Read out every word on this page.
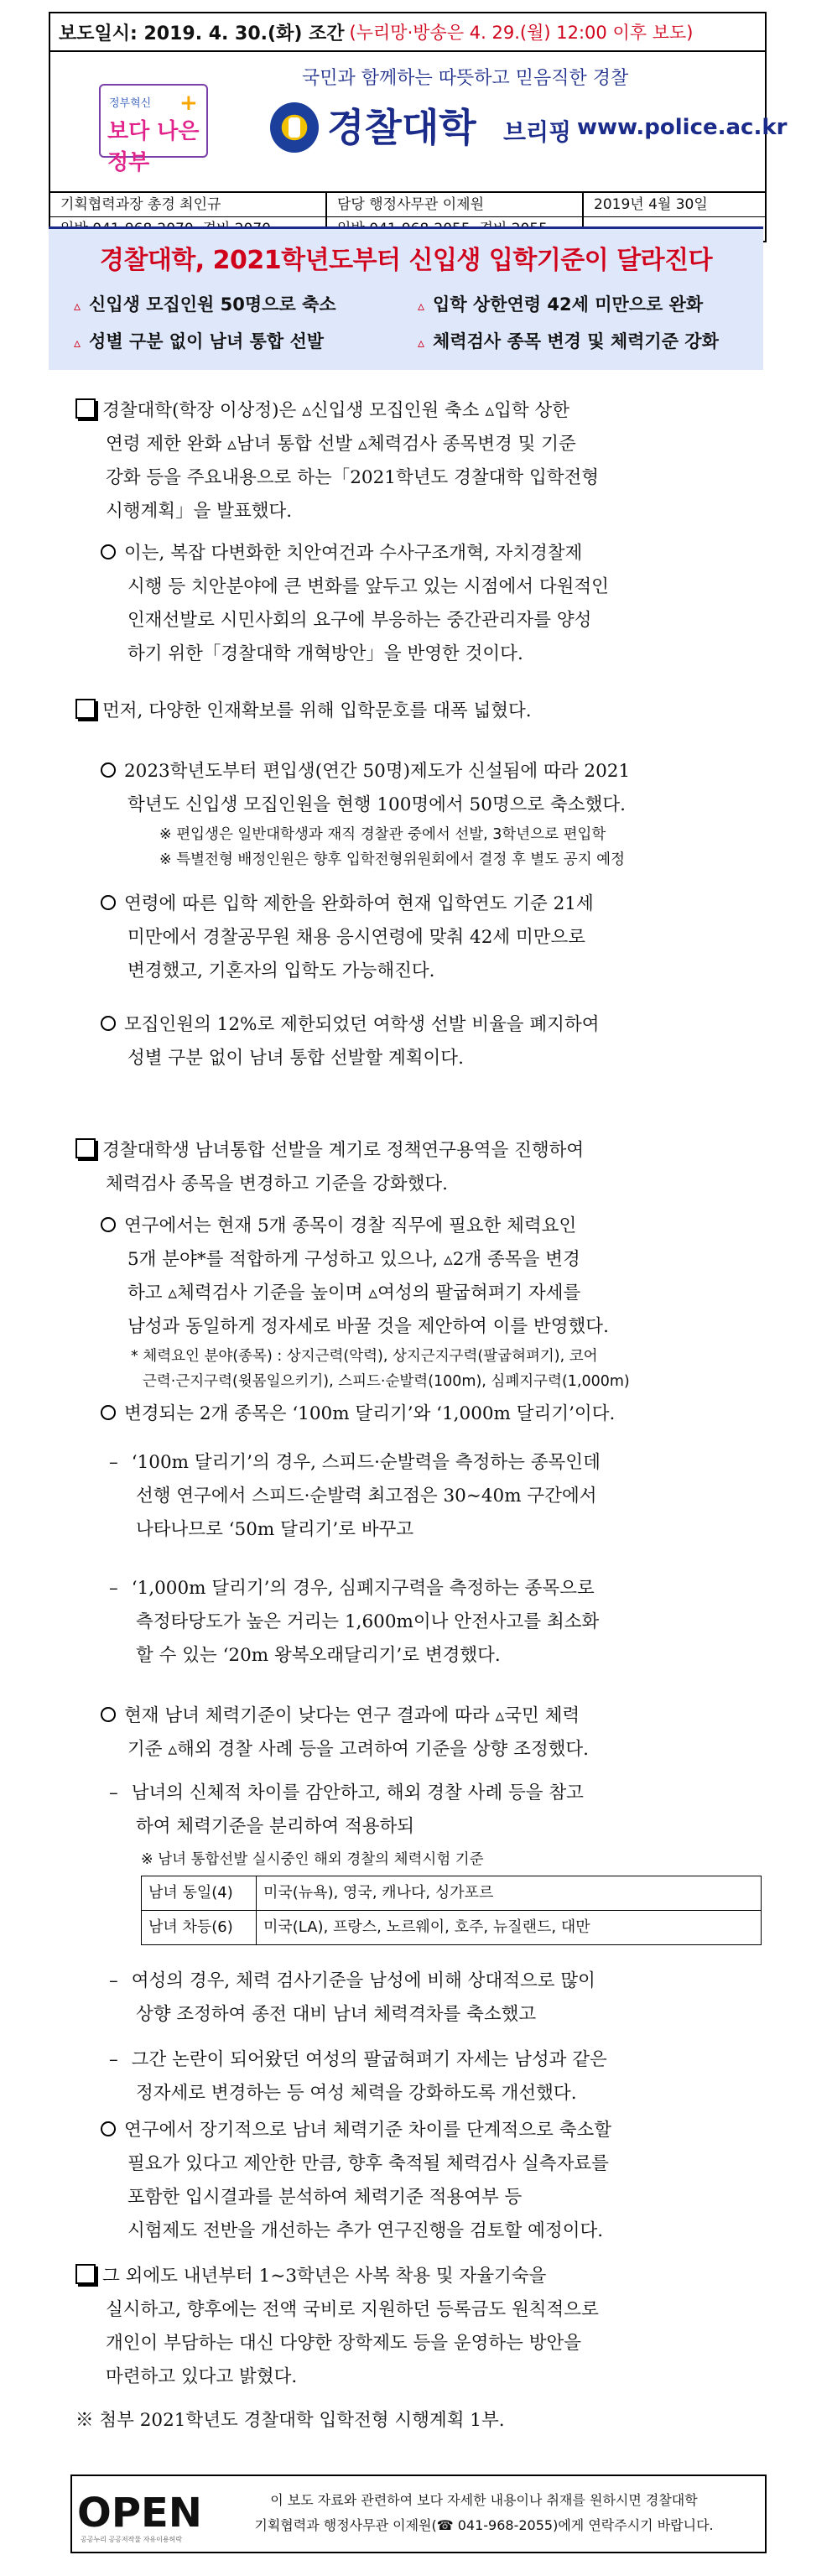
보도일시: 2019. 4. 30.(화) 조간 (누리망·방송은 4. 29.(월) 12:00 이후 보도)
국민과 함께하는 따뜻하고 믿음직한 경찰
정부혁신 +
보다 나은 정부
경찰대학 브리핑 www.police.ac.kr
기획협력과장 총경 최인규	담당 행정사무관 이제원	2019년 4월 30일
경찰대학, 2021학년도부터 신입생 입학기준이 달라진다
▵ 신입생 모집인원 50명으로 축소	▵ 입학 상한연령 42세 미만으로 완화
▵ 성별 구분 없이 남녀 통합 선발	▵ 체력검사 종목 변경 및 체력기준 강화
경찰대학(학장 이상정)은 ▵신입생 모집인원 축소 ▵입학 상한
연령 제한 완화 ▵남녀 통합 선발 ▵체력검사 종목변경 및 기준
강화 등을 주요내용으로 하는「2021학년도 경찰대학 입학전형
시행계획」을 발표했다.
이는, 복잡 다변화한 치안여건과 수사구조개혁, 자치경찰제
시행 등 치안분야에 큰 변화를 앞두고 있는 시점에서 다원적인
인재선발로 시민사회의 요구에 부응하는 중간관리자를 양성
하기 위한「경찰대학 개혁방안」을 반영한 것이다.
먼저, 다양한 인재확보를 위해 입학문호를 대폭 넓혔다.
2023학년도부터 편입생(연간 50명)제도가 신설됨에 따라 2021
학년도 신입생 모집인원을 현행 100명에서 50명으로 축소했다.
※ 편입생은 일반대학생과 재직 경찰관 중에서 선발, 3학년으로 편입학
※ 특별전형 배정인원은 향후 입학전형위원회에서 결정 후 별도 공지 예정
연령에 따른 입학 제한을 완화하여 현재 입학연도 기준 21세
미만에서 경찰공무원 채용 응시연령에 맞춰 42세 미만으로
변경했고, 기혼자의 입학도 가능해진다.
모집인원의 12%로 제한되었던 여학생 선발 비율을 폐지하여
성별 구분 없이 남녀 통합 선발할 계획이다.
경찰대학생 남녀통합 선발을 계기로 정책연구용역을 진행하여
체력검사 종목을 변경하고 기준을 강화했다.
연구에서는 현재 5개 종목이 경찰 직무에 필요한 체력요인
5개 분야*를 적합하게 구성하고 있으나, ▵2개 종목을 변경
하고 ▵체력검사 기준을 높이며 ▵여성의 팔굽혀펴기 자세를
남성과 동일하게 정자세로 바꿀 것을 제안하여 이를 반영했다.
* 체력요인 분야(종목) : 상지근력(악력), 상지근지구력(팔굽혀펴기), 코어
근력·근지구력(윗몸일으키기), 스피드·순발력(100m), 심폐지구력(1,000m)
변경되는 2개 종목은 ‘100m 달리기’와 ‘1,000m 달리기’이다.
– ‘100m 달리기’의 경우, 스피드·순발력을 측정하는 종목인데
선행 연구에서 스피드·순발력 최고점은 30∼40m 구간에서
나타나므로 ‘50m 달리기’로 바꾸고
– ‘1,000m 달리기’의 경우, 심폐지구력을 측정하는 종목으로
측정타당도가 높은 거리는 1,600m이나 안전사고를 최소화
할 수 있는 ‘20m 왕복오래달리기’로 변경했다.
현재 남녀 체력기준이 낮다는 연구 결과에 따라 ▵국민 체력
기준 ▵해외 경찰 사례 등을 고려하여 기준을 상향 조정했다.
– 남녀의 신체적 차이를 감안하고, 해외 경찰 사례 등을 참고
하여 체력기준을 분리하여 적용하되
※ 남녀 통합선발 실시중인 해외 경찰의 체력시험 기준
남녀 동일(4)	미국(뉴욕), 영국, 캐나다, 싱가포르
남녀 차등(6)	미국(LA), 프랑스, 노르웨이, 호주, 뉴질랜드, 대만
– 여성의 경우, 체력 검사기준을 남성에 비해 상대적으로 많이
상향 조정하여 종전 대비 남녀 체력격차를 축소했고
– 그간 논란이 되어왔던 여성의 팔굽혀펴기 자세는 남성과 같은
정자세로 변경하는 등 여성 체력을 강화하도록 개선했다.
연구에서 장기적으로 남녀 체력기준 차이를 단계적으로 축소할
필요가 있다고 제안한 만큼, 향후 축적될 체력검사 실측자료를
포함한 입시결과를 분석하여 체력기준 적용여부 등
시험제도 전반을 개선하는 추가 연구진행을 검토할 예정이다.
그 외에도 내년부터 1∼3학년은 사복 착용 및 자율기숙을
실시하고, 향후에는 전액 국비로 지원하던 등록금도 원칙적으로
개인이 부담하는 대신 다양한 장학제도 등을 운영하는 방안을
마련하고 있다고 밝혔다.
※ 첨부 2021학년도 경찰대학 입학전형 시행계획 1부.
OPEN
공공누리 공공저작물 자유이용허락
이 보도 자료와 관련하여 보다 자세한 내용이나 취재를 원하시면 경찰대학
기획협력과 행정사무관 이제원(☎ 041-968-2055)에게 연락주시기 바랍니다.
